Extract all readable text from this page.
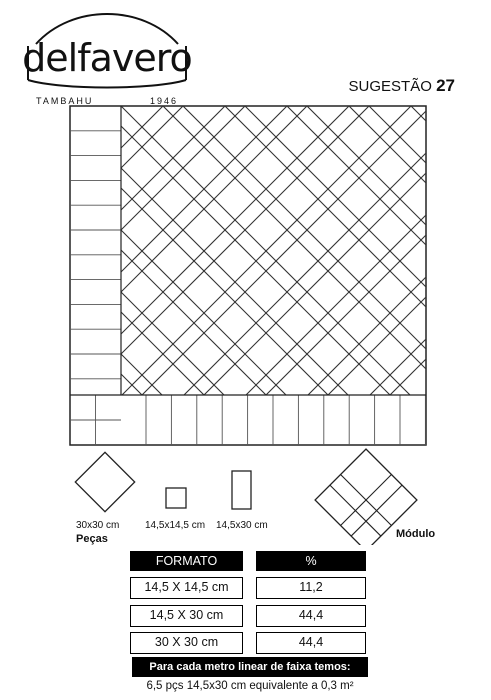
delfavero
TAMBAHU	1946
SUGESTÃO 27
30x30 cm
Peças
14,5x14,5 cm 14,5x30 cm
Módulo
FORMATO	%
14,5 X 14,5 cm	11,2
14,5 X 30 cm	44,4
30 X 30 cm	44,4
Para cada metro linear de faixa temos:
6,5 pçs 14,5x30 cm equivalente a 0,3 m²
